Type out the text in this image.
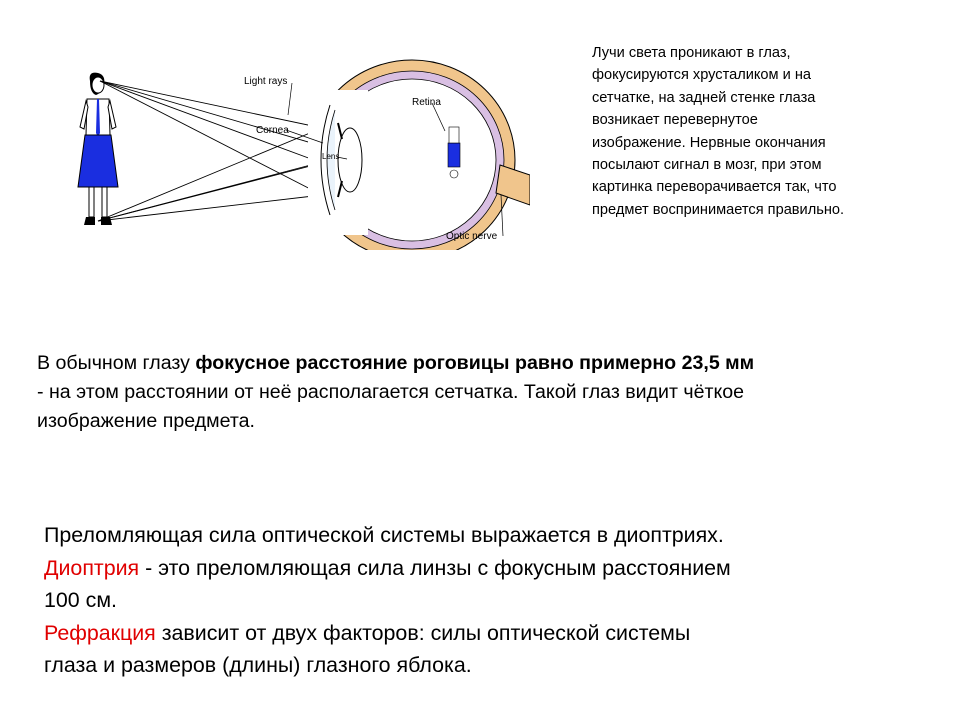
Light rays
Cornea
Lens
Retina
Optic nerve
Лучи света проникают в глаз,
фокусируются хрусталиком и на
сетчатке, на задней стенке глаза
возникает перевернутое
изображение. Нервные окончания
посылают сигнал в мозг, при этом
картинка переворачивается так, что
предмет воспринимается правильно.
В обычном глазу фокусное расстояние роговицы равно примерно 23,5 мм
- на этом расстоянии от неё располагается сетчатка. Такой глаз видит чёткое
изображение предмета.
Преломляющая сила оптической системы выражается в диоптриях.
Диоптрия - это преломляющая сила линзы с фокусным расстоянием
100 см.
Рефракция зависит от двух факторов: силы оптической системы
глаза и размеров (длины) глазного яблока.
